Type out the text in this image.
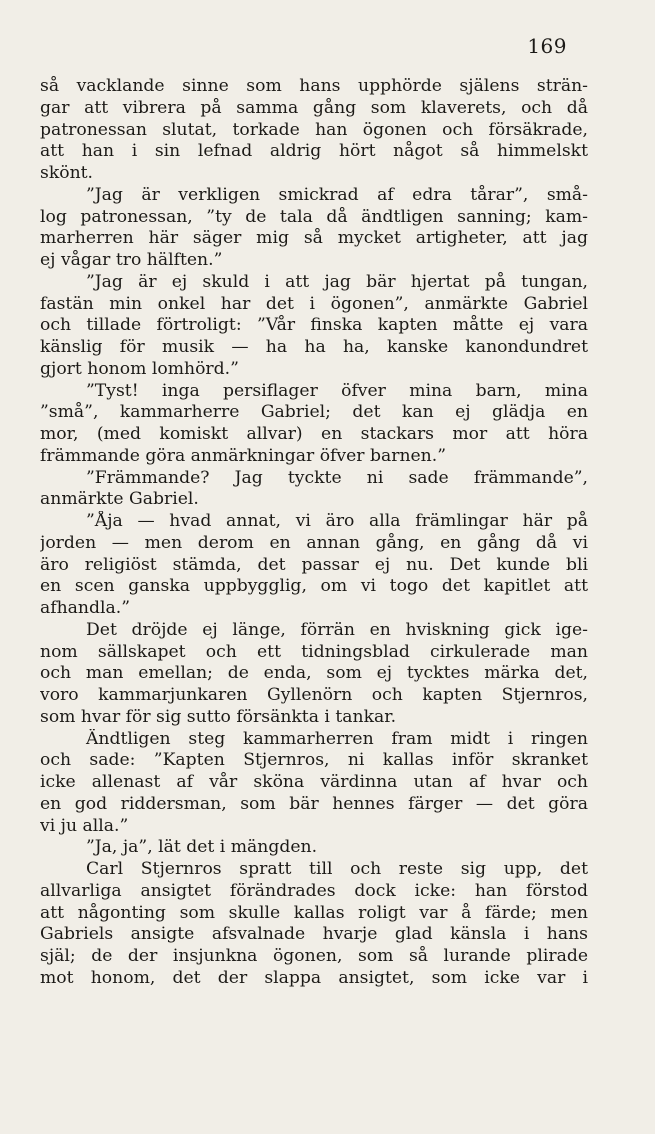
169
så vacklande sinne som hans upphörde själens strän-
gar att vibrera på samma gång som klaverets, och då
patronessan slutat, torkade han ögonen och försäkrade,
att han i sin lefnad aldrig hört något så himmelskt
skönt.
”Jag är verkligen smickrad af edra tårar”, små-
log patronessan, ”ty de tala då ändtligen sanning; kam-
marherren här säger mig så mycket artigheter, att jag
ej vågar tro hälften.”
”Jag är ej skuld i att jag bär hjertat på tungan,
fastän min onkel har det i ögonen”, anmärkte Gabriel
och tillade förtroligt: ”Vår finska kapten måtte ej vara
känslig för musik — ha ha ha, kanske kanondundret
gjort honom lomhörd.”
”Tyst! inga persiflager öfver mina barn, mina
”små”, kammarherre Gabriel; det kan ej glädja en
mor, (med komiskt allvar) en stackars mor att höra
främmande göra anmärkningar öfver barnen.”
”Främmande? Jag tyckte ni sade främmande”,
anmärkte Gabriel.
”Åja — hvad annat, vi äro alla främlingar här på
jorden — men derom en annan gång, en gång då vi
äro religiöst stämda, det passar ej nu. Det kunde bli
en scen ganska uppbygglig, om vi togo det kapitlet att
afhandla.”
Det dröjde ej länge, förrän en hviskning gick ige-
nom sällskapet och ett tidningsblad cirkulerade man
och man emellan; de enda, som ej tycktes märka det,
voro kammarjunkaren Gyllenörn och kapten Stjernros,
som hvar för sig sutto försänkta i tankar.
Ändtligen steg kammarherren fram midt i ringen
och sade: ”Kapten Stjernros, ni kallas inför skranket
icke allenast af vår sköna värdinna utan af hvar och
en god riddersman, som bär hennes färger — det göra
vi ju alla.”
”Ja, ja”, lät det i mängden.
Carl Stjernros spratt till och reste sig upp, det
allvarliga ansigtet förändrades dock icke: han förstod
att någonting som skulle kallas roligt var å färde; men
Gabriels ansigte afsvalnade hvarje glad känsla i hans
själ; de der insjunkna ögonen, som så lurande plirade
mot honom, det der slappa ansigtet, som icke var i
